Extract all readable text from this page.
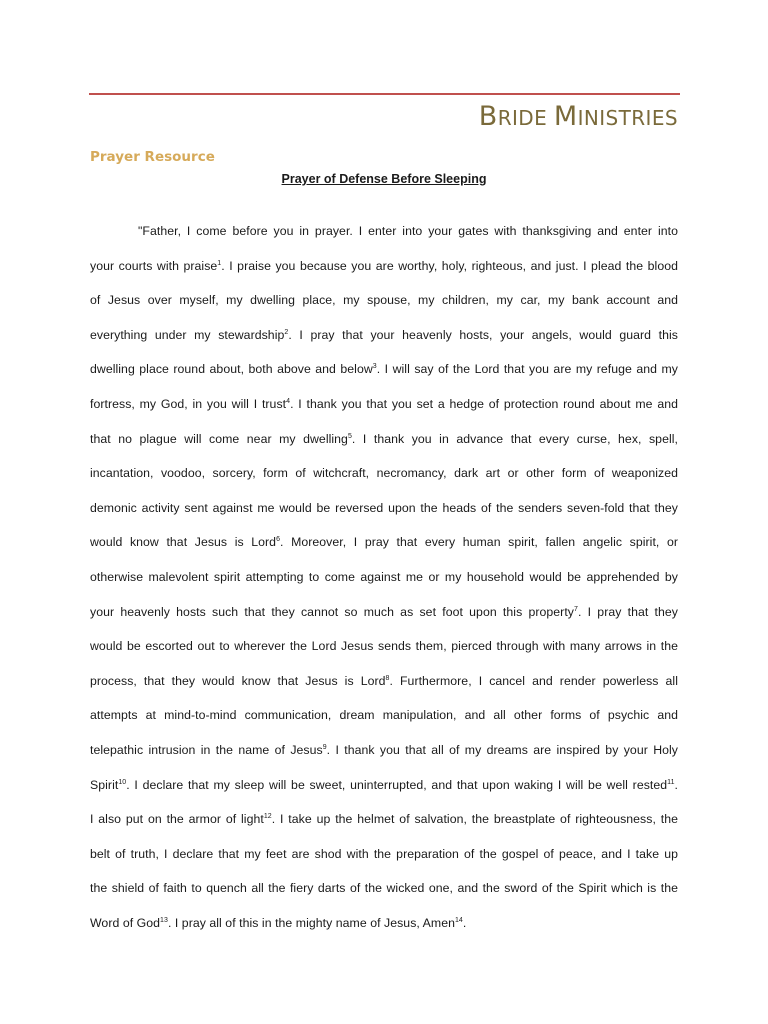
BRIDE MINISTRIES
Prayer Resource
Prayer of Defense Before Sleeping
"Father, I come before you in prayer. I enter into your gates with thanksgiving and enter into
your courts with praise$^1$. I praise you because you are worthy, holy, righteous, and just. I plead the blood
of Jesus over myself, my dwelling place, my spouse, my children, my car, my bank account and
everything under my stewardship$^2$. I pray that your heavenly hosts, your angels, would guard this
dwelling place round about, both above and below$^3$. I will say of the Lord that you are my refuge and my
fortress, my God, in you will I trust$^4$. I thank you that you set a hedge of protection round about me and
that no plague will come near my dwelling$^5$. I thank you in advance that every curse, hex, spell,
incantation, voodoo, sorcery, form of witchcraft, necromancy, dark art or other form of weaponized
demonic activity sent against me would be reversed upon the heads of the senders seven-fold that they
would know that Jesus is Lord$^6$. Moreover, I pray that every human spirit, fallen angelic spirit, or
otherwise malevolent spirit attempting to come against me or my household would be apprehended by
your heavenly hosts such that they cannot so much as set foot upon this property$^7$. I pray that they
would be escorted out to wherever the Lord Jesus sends them, pierced through with many arrows in the
process, that they would know that Jesus is Lord$^8$. Furthermore, I cancel and render powerless all
attempts at mind-to-mind communication, dream manipulation, and all other forms of psychic and
telepathic intrusion in the name of Jesus$^9$. I thank you that all of my dreams are inspired by your Holy
Spirit$^{10}$. I declare that my sleep will be sweet, uninterrupted, and that upon waking I will be well rested$^{11}$.
I also put on the armor of light$^{12}$. I take up the helmet of salvation, the breastplate of righteousness, the
belt of truth, I declare that my feet are shod with the preparation of the gospel of peace, and I take up
the shield of faith to quench all the fiery darts of the wicked one, and the sword of the Spirit which is the
Word of God$^{13}$. I pray all of this in the mighty name of Jesus, Amen$^{14}$.
